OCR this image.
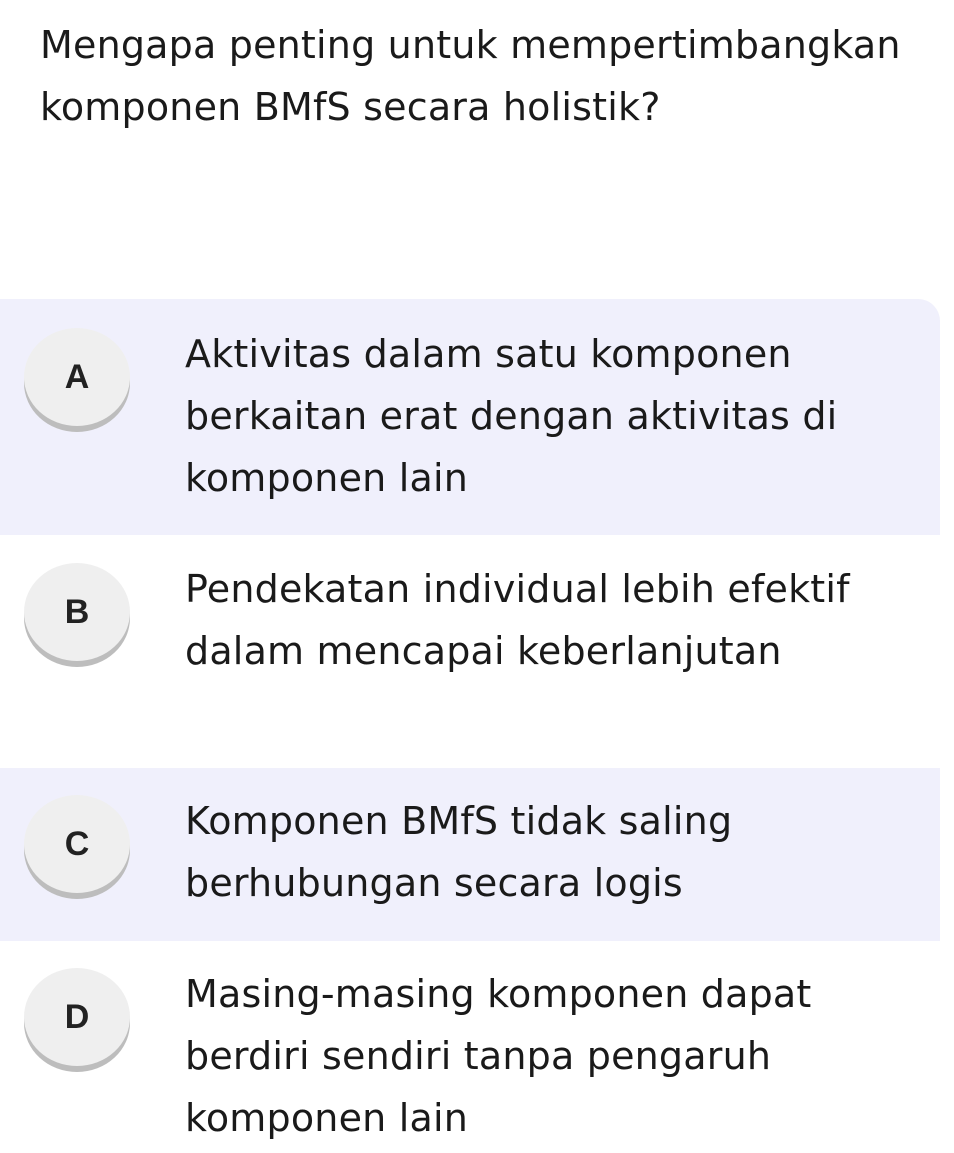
Mengapa penting untuk mempertimbangkan komponen BMfS secara holistik?
A
Aktivitas dalam satu komponen berkaitan erat dengan aktivitas di komponen lain
B
Pendekatan individual lebih efektif dalam mencapai keberlanjutan
C
Komponen BMfS tidak saling berhubungan secara logis
D
Masing-masing komponen dapat berdiri sendiri tanpa pengaruh komponen lain
